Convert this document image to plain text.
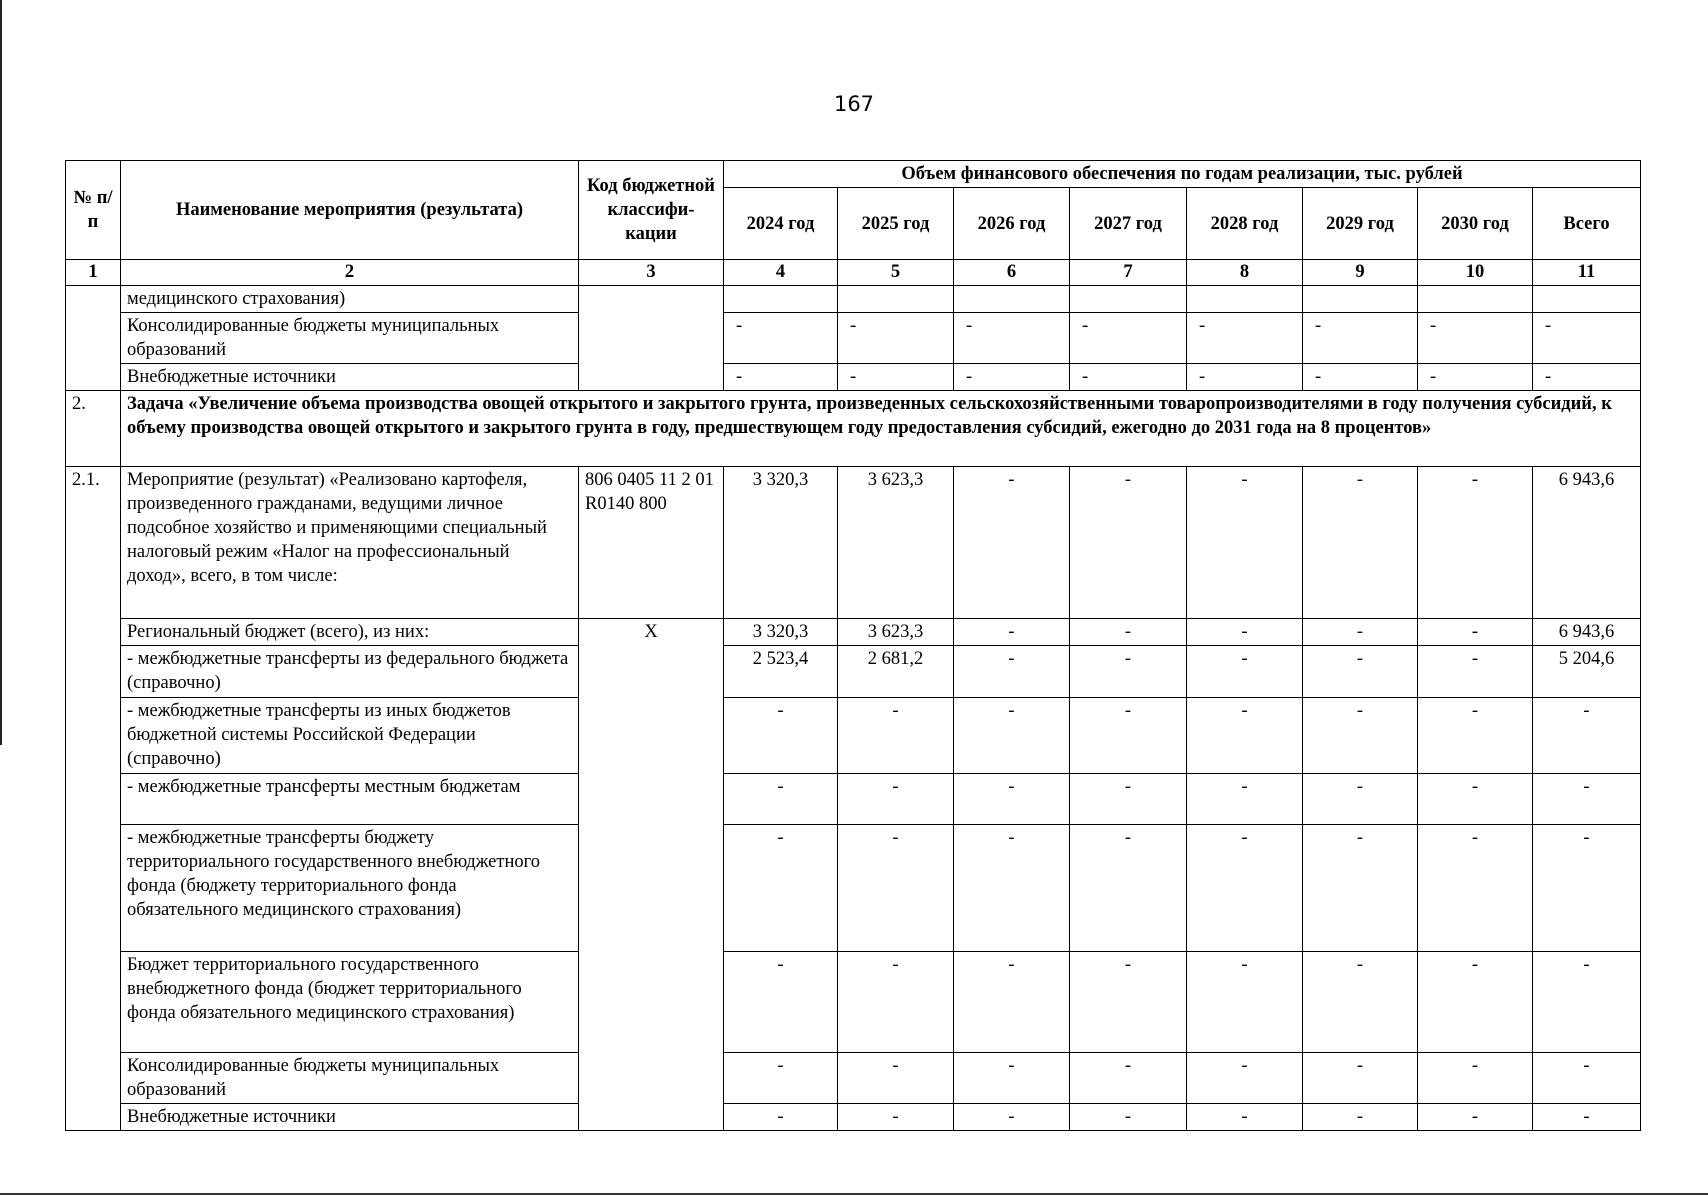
167
№ п/п	Наименование мероприятия (результата)	Код бюджетной классифи-кации	Объем финансового обеспечения по годам реализации, тыс. рублей							
			2024 год	2025 год	2026 год	2027 год	2028 год	2029 год	2030 год	Всего
1	2	3	4	5	6	7	8	9	10	11
	медицинского страхования)									
	Консолидированные бюджеты муниципальных образований		-	-	-	-	-	-	-	-
	Внебюджетные источники		-	-	-	-	-	-	-	-
2.	Задача «Увеличение объема производства овощей открытого и закрытого грунта, произведенных сельскохозяйственными товаропроизводителями в году получения субсидий, к объему производства овощей открытого и закрытого грунта в году, предшествующем году предоставления субсидий, ежегодно до 2031 года на 8 процентов»									
2.1.	Мероприятие (результат) «Реализовано картофеля, произведенного гражданами, ведущими личное подсобное хозяйство и применяющими специальный налоговый режим «Налог на профессиональный доход», всего, в том числе:	806 0405 11 2 01 R0140 800	3 320,3	3 623,3	-	-	-	-	-	6 943,6
	Региональный бюджет (всего), из них:	X	3 320,3	3 623,3	-	-	-	-	-	6 943,6
	- межбюджетные трансферты из федерального бюджета (справочно)		2 523,4	2 681,2	-	-	-	-	-	5 204,6
	- межбюджетные трансферты из иных бюджетов бюджетной системы Российской Федерации (справочно)		-	-	-	-	-	-	-	-
	- межбюджетные трансферты местным бюджетам		-	-	-	-	-	-	-	-
	- межбюджетные трансферты бюджету территориального государственного внебюджетного фонда (бюджету территориального фонда обязательного медицинского страхования)		-	-	-	-	-	-	-	-
	Бюджет территориального государственного внебюджетного фонда (бюджет территориального фонда обязательного медицинского страхования)		-	-	-	-	-	-	-	-
	Консолидированные бюджеты муниципальных образований		-	-	-	-	-	-	-	-
	Внебюджетные источники		-	-	-	-	-	-	-	-
